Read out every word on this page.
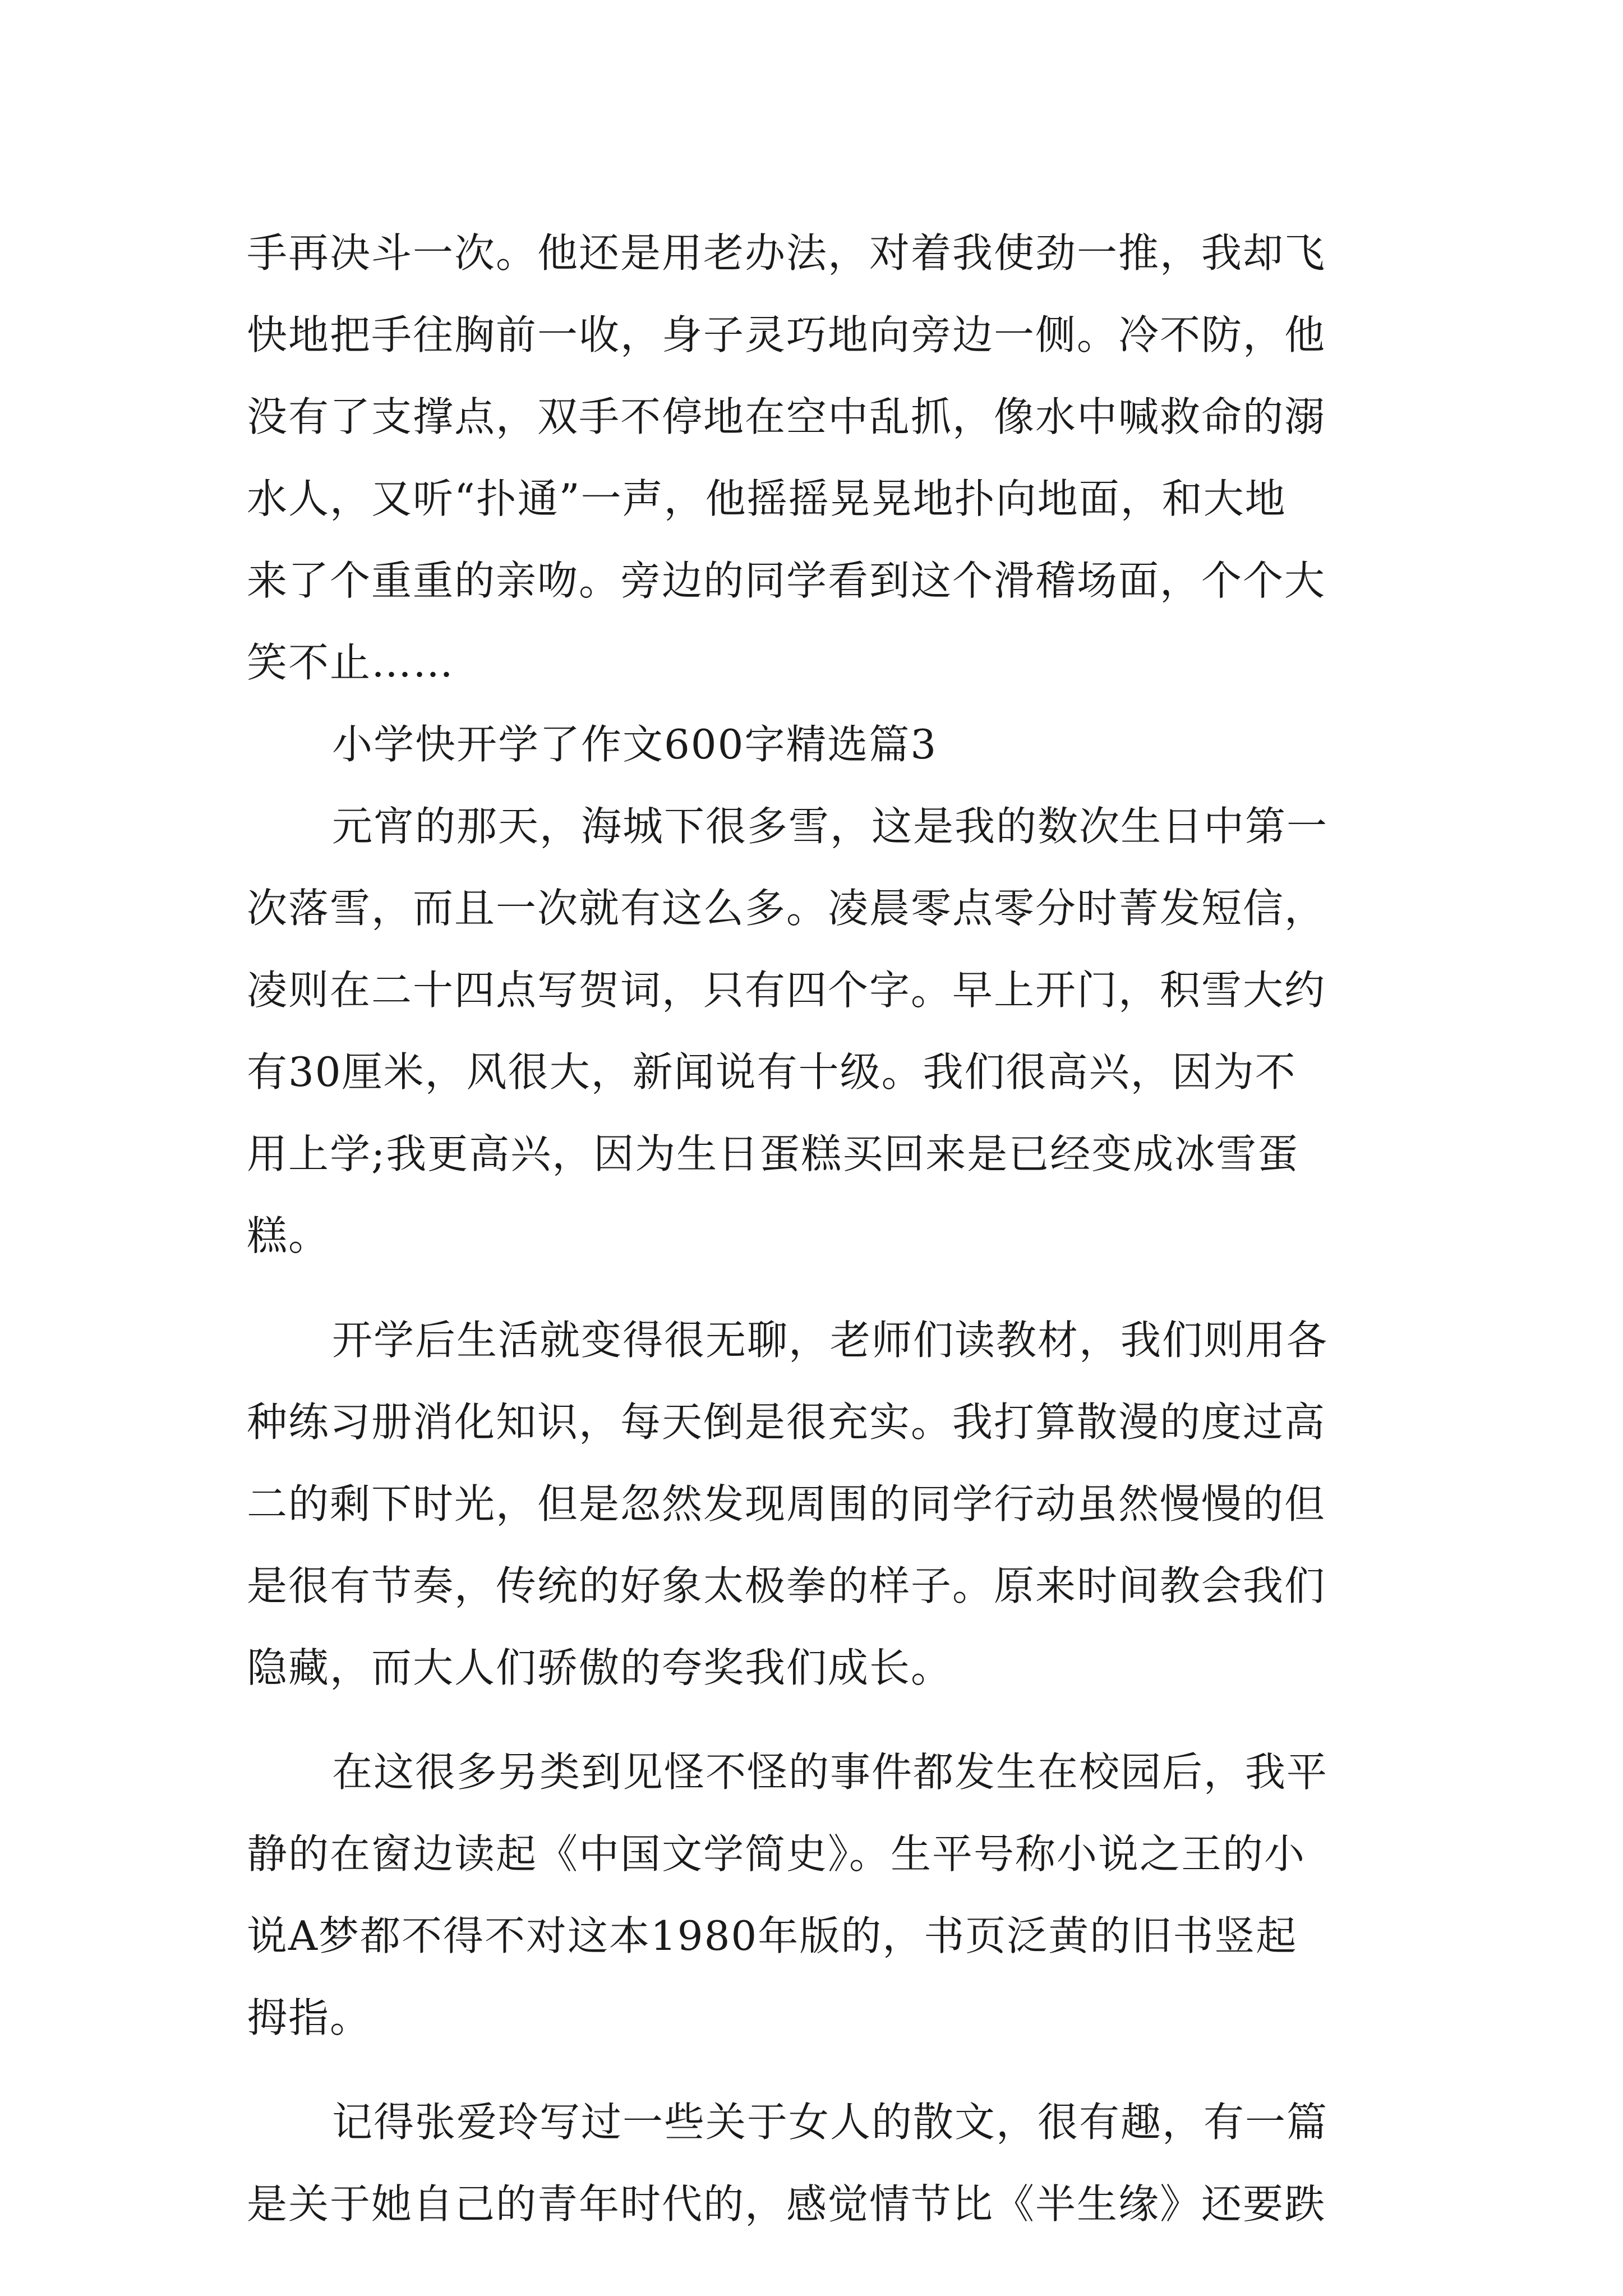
手再决斗一次。他还是用老办法，对着我使劲一推，我却飞
快地把手往胸前一收，身子灵巧地向旁边一侧。冷不防，他
没有了支撑点，双手不停地在空中乱抓，像水中喊救命的溺
水人，又听“扑通”一声，他摇摇晃晃地扑向地面，和大地
来了个重重的亲吻。旁边的同学看到这个滑稽场面，个个大
笑不止……
小学快开学了作文600字精选篇3
元宵的那天，海城下很多雪，这是我的数次生日中第一
次落雪，而且一次就有这么多。凌晨零点零分时菁发短信，
凌则在二十四点写贺词，只有四个字。早上开门，积雪大约
有30厘米，风很大，新闻说有十级。我们很高兴，因为不
用上学;我更高兴，因为生日蛋糕买回来是已经变成冰雪蛋
糕。
开学后生活就变得很无聊，老师们读教材，我们则用各
种练习册消化知识，每天倒是很充实。我打算散漫的度过高
二的剩下时光，但是忽然发现周围的同学行动虽然慢慢的但
是很有节奏，传统的好象太极拳的样子。原来时间教会我们
隐藏，而大人们骄傲的夸奖我们成长。
在这很多另类到见怪不怪的事件都发生在校园后，我平
静的在窗边读起《中国文学简史》。生平号称小说之王的小
说A梦都不得不对这本1980年版的，书页泛黄的旧书竖起
拇指。
记得张爱玲写过一些关于女人的散文，很有趣，有一篇
是关于她自己的青年时代的，感觉情节比《半生缘》还要跌
